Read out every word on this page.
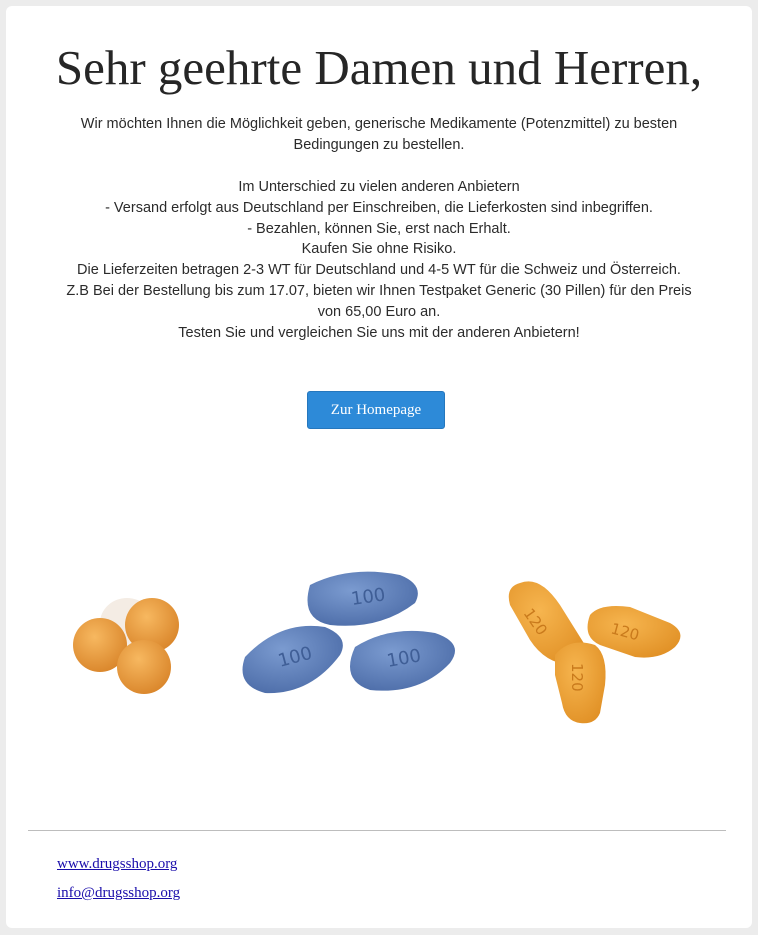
Sehr geehrte Damen und Herren,
Wir möchten Ihnen die Möglichkeit geben, generische Medikamente (Potenzmittel) zu besten Bedingungen zu bestellen.
Im Unterschied zu vielen anderen Anbietern
- Versand erfolgt aus Deutschland per Einschreiben, die Lieferkosten sind inbegriffen.
- Bezahlen, können Sie, erst nach Erhalt.
Kaufen Sie ohne Risiko.
Die Lieferzeiten betragen 2-3 WT für Deutschland und 4-5 WT für die Schweiz und Österreich.
Z.B Bei der Bestellung bis zum 17.07, bieten wir Ihnen Testpaket Generic (30 Pillen) für den Preis
von 65,00 Euro an.
Testen Sie und vergleichen Sie uns mit der anderen Anbietern!
Zur Homepage
100
100	100
120	120
120
www.drugsshop.org
info@drugsshop.org
